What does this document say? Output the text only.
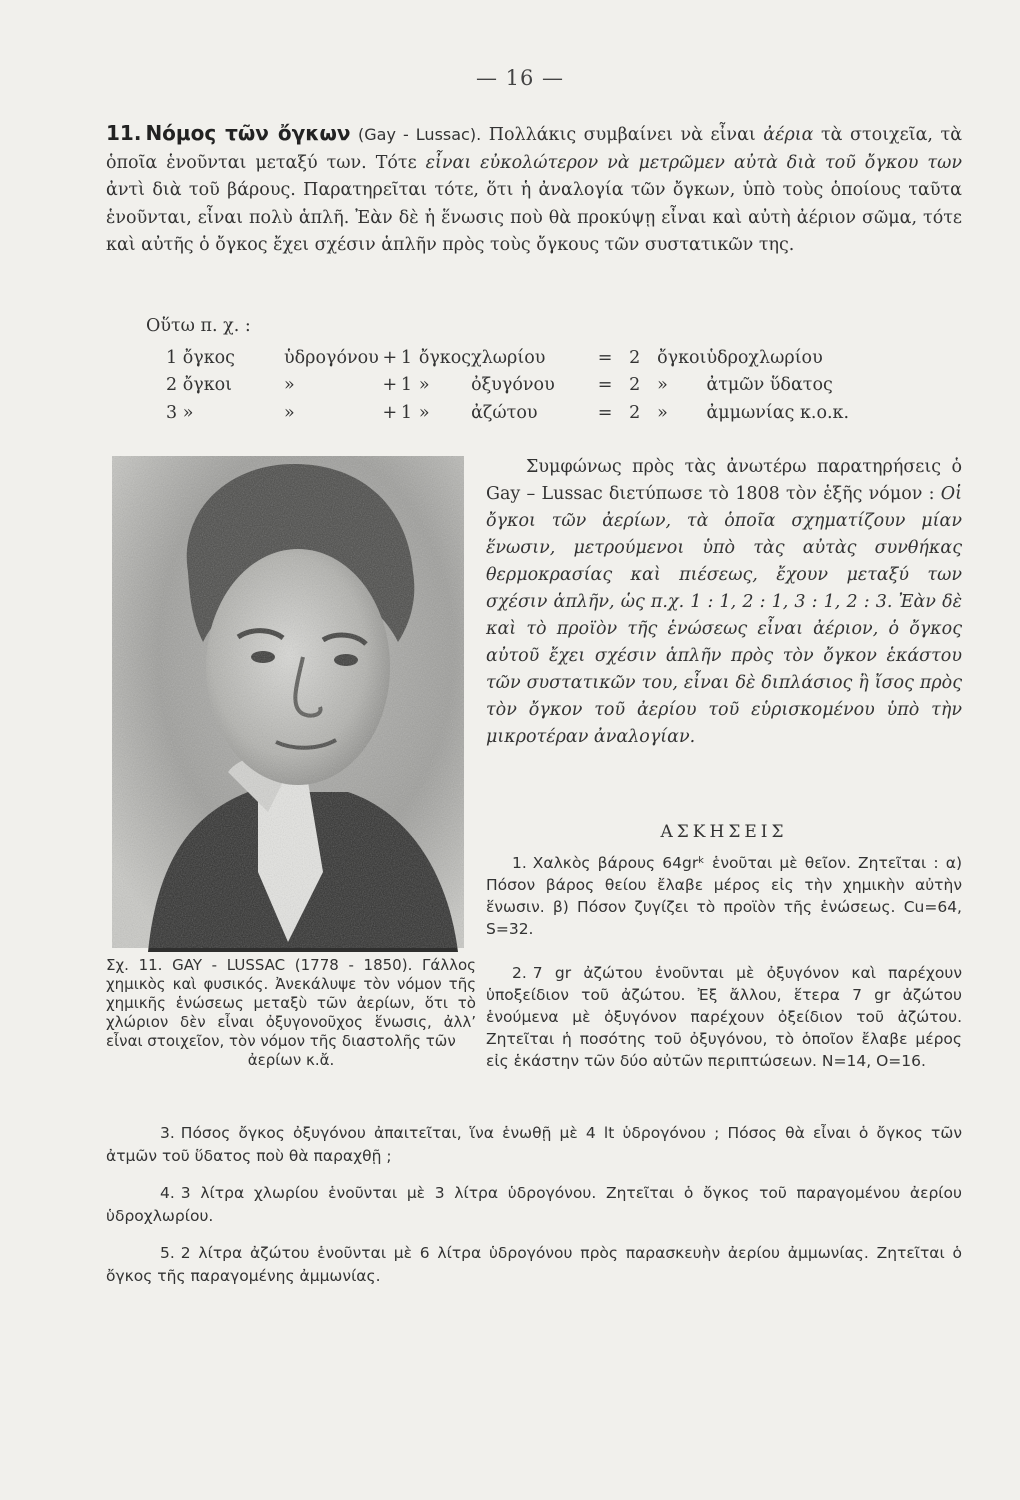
— 16 —

11. Νόμος τῶν ὄγκων (Gay - Lussac). Πολλάκις συμβαίνει νὰ εἶναι ἀέρια τὰ στοιχεῖα, τὰ ὁποῖα ἑνοῦνται μεταξύ των. Τότε εἶναι εὐκολώτερον νὰ μετρῶμεν αὐτὰ διὰ τοῦ ὄγκου των ἀντὶ διὰ τοῦ βάρους. Παρατηρεῖται τότε, ὅτι ἡ ἀναλογία τῶν ὄγκων, ὑπὸ τοὺς ὁποίους ταῦτα ἑνοῦνται, εἶναι πολὺ ἁπλῆ. Ἐὰν δὲ ἡ ἕνωσις ποὺ θὰ προκύψῃ εἶναι καὶ αὐτὴ ἀέριον σῶμα, τότε καὶ αὐτῆς ὁ ὄγκος ἔχει σχέσιν ἁπλῆν πρὸς τοὺς ὄγκους τῶν συστατικῶν της.

Οὕτω π. χ. :
1 ὄγκος	ὑδρογόνου	+	1	ὄγκος	χλωρίου	=	2	ὄγκοι	ὑδροχλωρίου
2 ὄγκοι	»	+	1	»	ὀξυγόνου	=	2	»	ἀτμῶν ὕδατος
3 »	»	+	1	»	ἀζώτου	=	2	»	ἀμμωνίας κ.ο.κ.
Σχ. 11. GAY - LUSSAC (1778 - 1850). Γάλλος χημικὸς καὶ φυσικός. Ἀνεκάλυψε τὸν νόμον τῆς χημικῆς ἑνώσεως μεταξὺ τῶν ἀερίων, ὅτι τὸ χλώριον δὲν εἶναι ὀξυγονοῦχος ἕνωσις, ἀλλ’ εἶναι στοιχεῖον, τὸν νόμον τῆς διαστολῆς τῶν
ἀερίων κ.ἄ.

Συμφώνως πρὸς τὰς ἀνωτέρω παρατηρήσεις ὁ Gay – Lussac διετύπωσε τὸ 1808 τὸν ἑξῆς νόμον : Οἱ ὄγκοι τῶν ἀερίων, τὰ ὁποῖα σχηματίζουν μίαν ἕνωσιν, μετρούμενοι ὑπὸ τὰς αὐτὰς συνθήκας θερμοκρασίας καὶ πιέσεως, ἔχουν μεταξύ των σχέσιν ἁπλῆν, ὡς π.χ. 1 : 1, 2 : 1, 3 : 1, 2 : 3. Ἐὰν δὲ καὶ τὸ προϊὸν τῆς ἑνώσεως εἶναι ἀέριον, ὁ ὄγκος αὐτοῦ ἔχει σχέσιν ἁπλῆν πρὸς τὸν ὄγκον ἑκάστου τῶν συστατικῶν του, εἶναι δὲ διπλάσιος ἢ ἴσος πρὸς τὸν ὄγκον τοῦ ἀερίου τοῦ εὑρισκομένου ὑπὸ τὴν μικροτέραν ἀναλογίαν.

ΑΣΚΗΣΕΙΣ

1. Χαλκὸς βάρους 64grᵏ ἑνοῦται μὲ θεῖον. Ζητεῖται : α) Πόσον βάρος θείου ἔλαβε μέρος εἰς τὴν χημικὴν αὐτὴν ἕνωσιν. β) Πόσον ζυγίζει τὸ προϊὸν τῆς ἑνώσεως. Cu=64, S=32.

2. 7 gr ἀζώτου ἑνοῦνται μὲ ὀξυγόνον καὶ παρέχουν ὑποξείδιον τοῦ ἀζώτου. Ἐξ ἄλλου, ἕτερα 7 gr ἀζώτου ἑνούμενα μὲ ὀξυγόνον παρέχουν ὀξείδιον τοῦ ἀζώτου. Ζητεῖται ἡ ποσότης τοῦ ὀξυγόνου, τὸ ὁποῖον ἔλαβε μέρος εἰς ἑκάστην τῶν δύο αὐτῶν περιπτώσεων. N=14, O=16.

3. Πόσος ὄγκος ὀξυγόνου ἀπαιτεῖται, ἵνα ἑνωθῇ μὲ 4 lt ὑδρογόνου ; Πόσος θὰ εἶναι ὁ ὄγκος τῶν ἀτμῶν τοῦ ὕδατος ποὺ θὰ παραχθῇ ;

4. 3 λίτρα χλωρίου ἑνοῦνται μὲ 3 λίτρα ὑδρογόνου. Ζητεῖται ὁ ὄγκος τοῦ παραγομένου ἀερίου ὑδροχλωρίου.

5. 2 λίτρα ἀζώτου ἑνοῦνται μὲ 6 λίτρα ὑδρογόνου πρὸς παρασκευὴν ἀερίου ἀμμωνίας. Ζητεῖται ὁ ὄγκος τῆς παραγομένης ἀμμωνίας.
